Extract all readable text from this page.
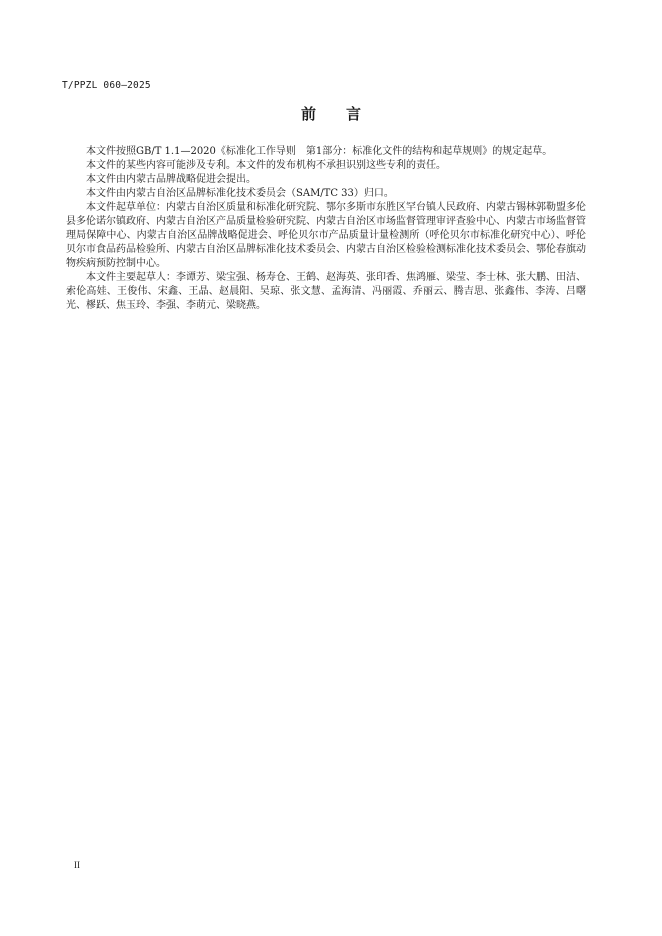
T/PPZL 060—2025
前言

本文件按照GB/T 1.1—2020《标准化工作导则　第1部分：标准化文件的结构和起草规则》的规定起草。

本文件的某些内容可能涉及专利。本文件的发布机构不承担识别这些专利的责任。

本文件由内蒙古品牌战略促进会提出。

本文件由内蒙古自治区品牌标准化技术委员会（SAM/TC 33）归口。

本文件起草单位：内蒙古自治区质量和标准化研究院、鄂尔多斯市东胜区罕台镇人民政府、内蒙古锡林郭勒盟多伦县多伦诺尔镇政府、内蒙古自治区产品质量检验研究院、内蒙古自治区市场监督管理审评查验中心、内蒙古市场监督管理局保障中心、内蒙古自治区品牌战略促进会、呼伦贝尔市产品质量计量检测所（呼伦贝尔市标准化研究中心）、呼伦贝尔市食品药品检验所、内蒙古自治区品牌标准化技术委员会、内蒙古自治区检验检测标准化技术委员会、鄂伦春旗动物疾病预防控制中心。

本文件主要起草人：李谭芳、梁宝强、杨寿仓、王鹤、赵海英、张印香、焦鸿雁、梁莹、李士林、张大鹏、田洁、索伦高娃、王俊伟、宋鑫、王晶、赵晨阳、吴琼、张文慧、孟海清、冯丽霞、乔丽云、腾吉思、张鑫伟、李涛、吕曙光、樛跃、焦玉玲、李强、李萌元、梁晓燕。

II
